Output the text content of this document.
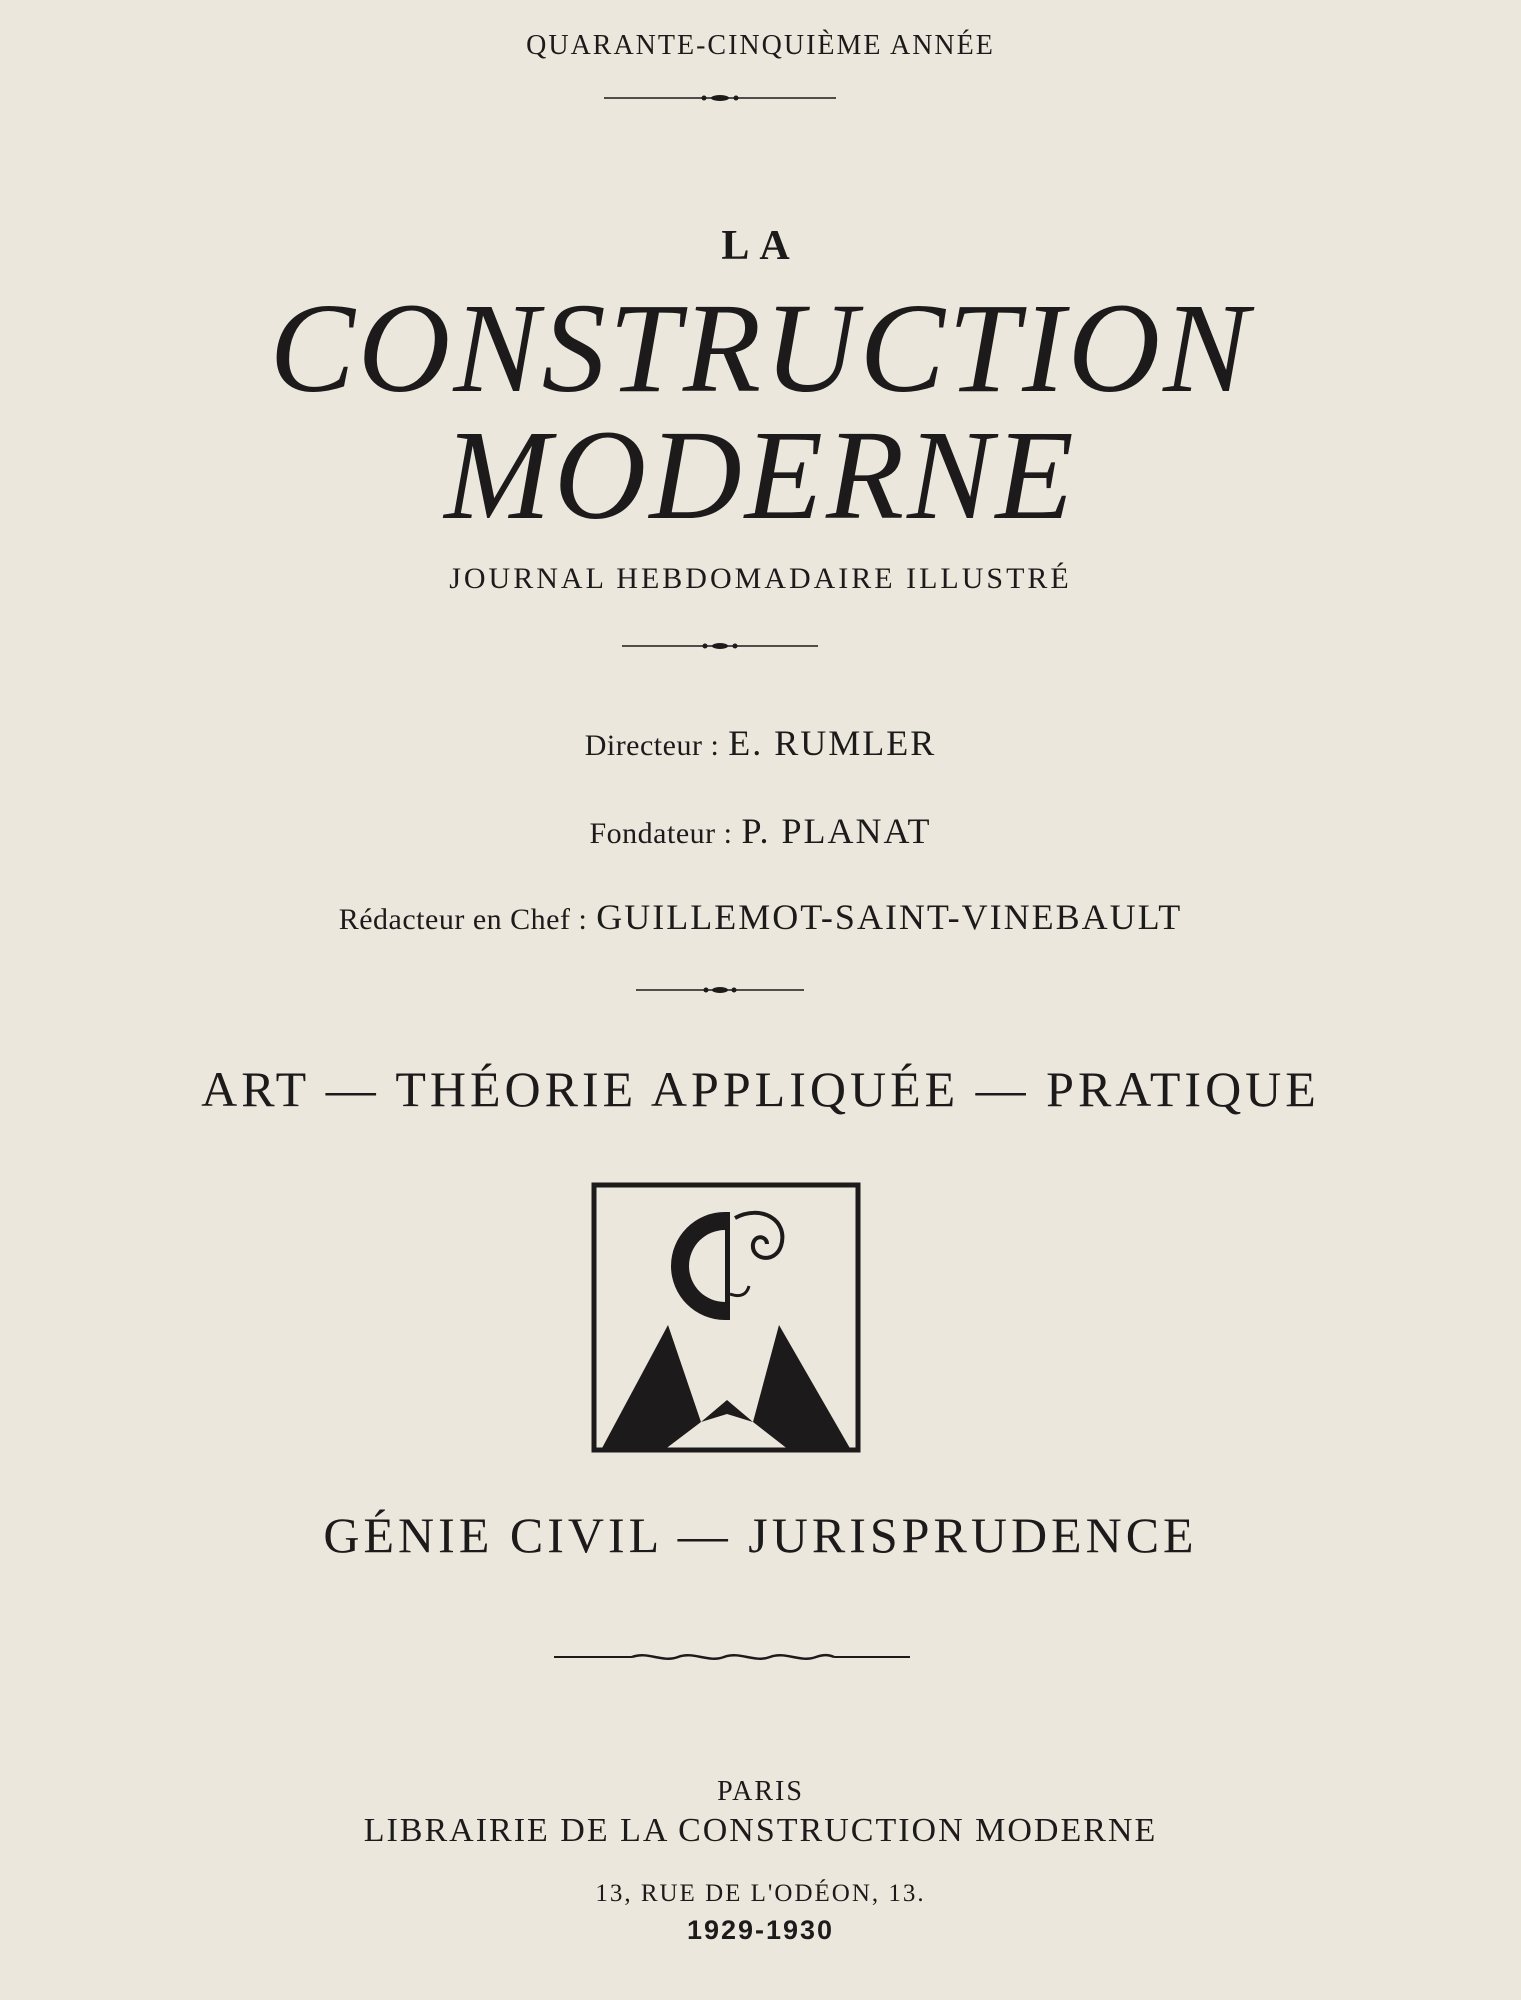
QUARANTE-CINQUIÈME ANNÉE
LA
CONSTRUCTION
MODERNE
JOURNAL HEBDOMADAIRE ILLUSTRÉ
Directeur : E. RUMLER
Fondateur : P. PLANAT
Rédacteur en Chef : GUILLEMOT-SAINT-VINEBAULT
ART — THÉORIE APPLIQUÉE — PRATIQUE
GÉNIE CIVIL — JURISPRUDENCE
PARIS
LIBRAIRIE DE LA CONSTRUCTION MODERNE
13, RUE DE L'ODÉON, 13.
1929-1930
